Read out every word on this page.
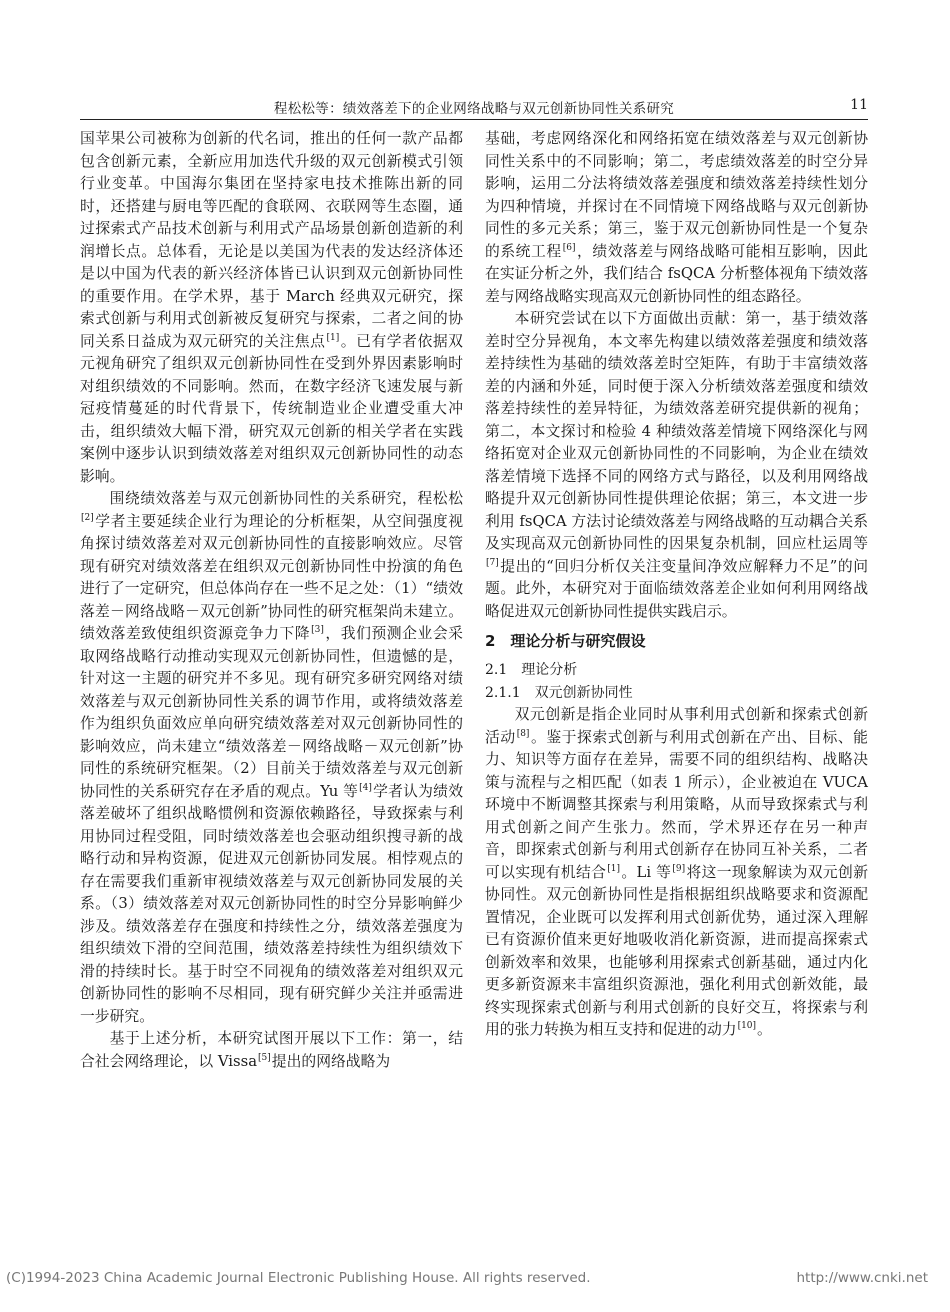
程松松等：绩效落差下的企业网络战略与双元创新协同性关系研究	11

国苹果公司被称为创新的代名词，推出的任何一款产品都包含创新元素，全新应用加迭代升级的双元创新模式引领行业变革。中国海尔集团在坚持家电技术推陈出新的同时，还搭建与厨电等匹配的食联网、衣联网等生态圈，通过探索式产品技术创新与利用式产品场景创新创造新的利润增长点。总体看，无论是以美国为代表的发达经济体还是以中国为代表的新兴经济体皆已认识到双元创新协同性的重要作用。在学术界，基于 March 经典双元研究，探索式创新与利用式创新被反复研究与探索，二者之间的协同关系日益成为双元研究的关注焦点[1]。已有学者依据双元视角研究了组织双元创新协同性在受到外界因素影响时对组织绩效的不同影响。然而，在数字经济飞速发展与新冠疫情蔓延的时代背景下，传统制造业企业遭受重大冲击，组织绩效大幅下滑，研究双元创新的相关学者在实践案例中逐步认识到绩效落差对组织双元创新协同性的动态影响。

围绕绩效落差与双元创新协同性的关系研究，程松松[2]学者主要延续企业行为理论的分析框架，从空间强度视角探讨绩效落差对双元创新协同性的直接影响效应。尽管现有研究对绩效落差在组织双元创新协同性中扮演的角色进行了一定研究，但总体尚存在一些不足之处：（1）“绩效落差－网络战略－双元创新”协同性的研究框架尚未建立。绩效落差致使组织资源竞争力下降[3]，我们预测企业会采取网络战略行动推动实现双元创新协同性，但遗憾的是，针对这一主题的研究并不多见。现有研究多研究网络对绩效落差与双元创新协同性关系的调节作用，或将绩效落差作为组织负面效应单向研究绩效落差对双元创新协同性的影响效应，尚未建立“绩效落差－网络战略－双元创新”协同性的系统研究框架。（2）目前关于绩效落差与双元创新协同性的关系研究存在矛盾的观点。Yu 等[4]学者认为绩效落差破坏了组织战略惯例和资源依赖路径，导致探索与利用协同过程受阻，同时绩效落差也会驱动组织搜寻新的战略行动和异构资源，促进双元创新协同发展。相悖观点的存在需要我们重新审视绩效落差与双元创新协同发展的关系。（3）绩效落差对双元创新协同性的时空分异影响鲜少涉及。绩效落差存在强度和持续性之分，绩效落差强度为组织绩效下滑的空间范围，绩效落差持续性为组织绩效下滑的持续时长。基于时空不同视角的绩效落差对组织双元创新协同性的影响不尽相同，现有研究鲜少关注并亟需进一步研究。

基于上述分析，本研究试图开展以下工作：第一，结合社会网络理论，以 Vissa[5]提出的网络战略为

基础，考虑网络深化和网络拓宽在绩效落差与双元创新协同性关系中的不同影响；第二，考虑绩效落差的时空分异影响，运用二分法将绩效落差强度和绩效落差持续性划分为四种情境，并探讨在不同情境下网络战略与双元创新协同性的多元关系；第三，鉴于双元创新协同性是一个复杂的系统工程[6]，绩效落差与网络战略可能相互影响，因此在实证分析之外，我们结合 fsQCA 分析整体视角下绩效落差与网络战略实现高双元创新协同性的组态路径。

本研究尝试在以下方面做出贡献：第一，基于绩效落差时空分异视角，本文率先构建以绩效落差强度和绩效落差持续性为基础的绩效落差时空矩阵，有助于丰富绩效落差的内涵和外延，同时便于深入分析绩效落差强度和绩效落差持续性的差异特征，为绩效落差研究提供新的视角；第二，本文探讨和检验 4 种绩效落差情境下网络深化与网络拓宽对企业双元创新协同性的不同影响，为企业在绩效落差情境下选择不同的网络方式与路径，以及利用网络战略提升双元创新协同性提供理论依据；第三，本文进一步利用 fsQCA 方法讨论绩效落差与网络战略的互动耦合关系及实现高双元创新协同性的因果复杂机制，回应杜运周等[7]提出的“回归分析仅关注变量间净效应解释力不足”的问题。此外，本研究对于面临绩效落差企业如何利用网络战略促进双元创新协同性提供实践启示。

2　理论分析与研究假设
2.1　理论分析
2.1.1　双元创新协同性

双元创新是指企业同时从事利用式创新和探索式创新活动[8]。鉴于探索式创新与利用式创新在产出、目标、能力、知识等方面存在差异，需要不同的组织结构、战略决策与流程与之相匹配（如表 1 所示），企业被迫在 VUCA 环境中不断调整其探索与利用策略，从而导致探索式与利用式创新之间产生张力。然而，学术界还存在另一种声音，即探索式创新与利用式创新存在协同互补关系，二者可以实现有机结合[1]。Li 等[9]将这一现象解读为双元创新协同性。双元创新协同性是指根据组织战略要求和资源配置情况，企业既可以发挥利用式创新优势，通过深入理解已有资源价值来更好地吸收消化新资源，进而提高探索式创新效率和效果，也能够利用探索式创新基础，通过内化更多新资源来丰富组织资源池，强化利用式创新效能，最终实现探索式创新与利用式创新的良好交互，将探索与利用的张力转换为相互支持和促进的动力[10]。

(C)1994-2023 China Academic Journal Electronic Publishing House. All rights reserved.	http://www.cnki.net
